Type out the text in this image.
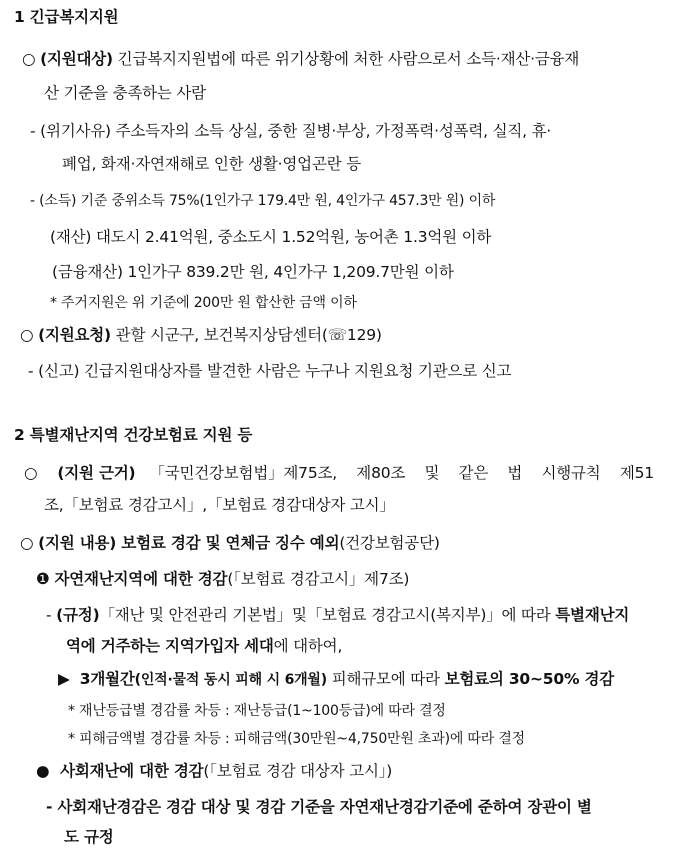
1 긴급복지지원
○ (지원대상) 긴급복지지원법에 따른 위기상황에 처한 사람으로서 소득·재산·금융재
산 기준을 충족하는 사람
- (위기사유) 주소득자의 소득 상실, 중한 질병·부상, 가정폭력·성폭력, 실직, 휴·
폐업, 화재·자연재해로 인한 생활·영업곤란 등
- (소득) 기준 중위소득 75%(1인가구 179.4만 원, 4인가구 457.3만 원) 이하
(재산) 대도시 2.41억원, 중소도시 1.52억원, 농어촌 1.3억원 이하
(금융재산) 1인가구 839.2만 원, 4인가구 1,209.7만원 이하
* 주거지원은 위 기준에 200만 원 합산한 금액 이하
○ (지원요청) 관할 시군구, 보건복지상담센터(☏129)
- (신고) 긴급지원대상자를 발견한 사람은 누구나 지원요청 기관으로 신고
2 특별재난지역 건강보험료 지원 등
○ (지원 근거) 「국민건강보험법」제75조, 제80조 및 같은 법 시행규칙 제51
조,「보험료 경감고시」,「보험료 경감대상자 고시」
○ (지원 내용) 보험료 경감 및 연체금 징수 예외(건강보험공단)
❶ 자연재난지역에 대한 경감(「보험료 경감고시」제7조)
- (규정)「재난 및 안전관리 기본법」및「보험료 경감고시(복지부)」에 따라 특별재난지
역에 거주하는 지역가입자 세대에 대하여,
▶ 3개월간(인적·물적 동시 피해 시 6개월) 피해규모에 따라 보험료의 30~50% 경감
* 재난등급별 경감률 차등 : 재난등급(1~100등급)에 따라 결정
* 피해금액별 경감률 차등 : 피해금액(30만원~4,750만원 초과)에 따라 결정
● 사회재난에 대한 경감(「보험료 경감 대상자 고시」)
- 사회재난경감은 경감 대상 및 경감 기준을 자연재난경감기준에 준하여 장관이 별
도 규정
